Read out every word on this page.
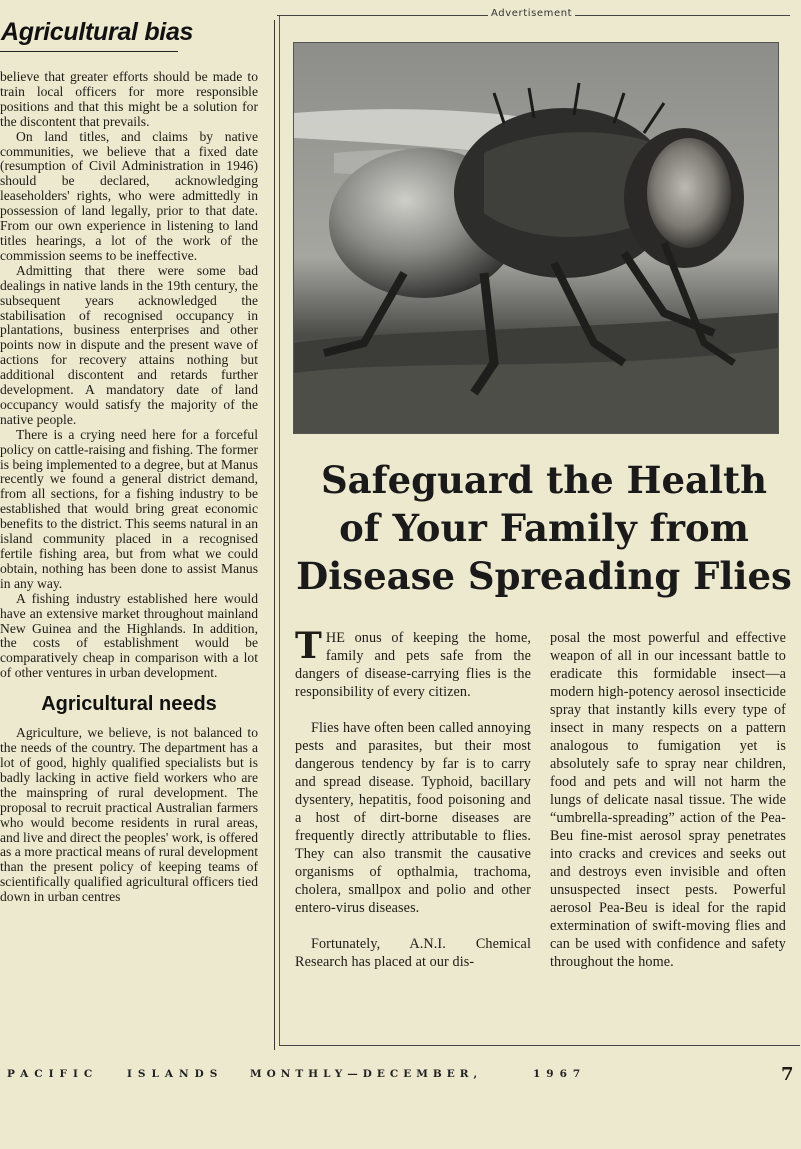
Agricultural bias

believe that greater efforts should be made to train local officers for more responsible positions and that this might be a solution for the discontent that prevails.

On land titles, and claims by native communities, we believe that a fixed date (resumption of Civil Administration in 1946) should be declared, acknowledging leaseholders' rights, who were admittedly in possession of land legally, prior to that date. From our own experience in listening to land titles hearings, a lot of the work of the commission seems to be ineffective.

Admitting that there were some bad dealings in native lands in the 19th century, the subsequent years acknowledged the stabilisation of recognised occupancy in plantations, business enterprises and other points now in dispute and the present wave of actions for recovery attains nothing but additional discontent and retards further development. A mandatory date of land occupancy would satisfy the majority of the native people.

There is a crying need here for a forceful policy on cattle-raising and fishing. The former is being implemented to a degree, but at Manus recently we found a general district demand, from all sections, for a fishing industry to be established that would bring great economic benefits to the district. This seems natural in an island community placed in a recognised fertile fishing area, but from what we could obtain, nothing has been done to assist Manus in any way.

A fishing industry established here would have an extensive market throughout mainland New Guinea and the Highlands. In addition, the costs of establishment would be comparatively cheap in comparison with a lot of other ventures in urban development.

Agricultural needs

Agriculture, we believe, is not balanced to the needs of the country. The department has a lot of good, highly qualified specialists but is badly lacking in active field workers who are the mainspring of rural development. The proposal to recruit practical Australian farmers who would become residents in rural areas, and live and direct the peoples' work, is offered as a more practical means of rural development than the present policy of keeping teams of scientifically qualified agricultural officers tied down in urban centres

Advertisement
Safeguard the Health
of Your Family from
Disease Spreading Flies

THE onus of keeping the home, family and pets safe from the dangers of disease-carrying flies is the responsibility of every citizen.

Flies have often been called annoying pests and parasites, but their most dangerous tendency by far is to carry and spread disease. Typhoid, bacillary dysentery, hepatitis, food poisoning and a host of dirt-borne diseases are frequently directly attributable to flies. They can also transmit the causative organisms of opthalmia, trachoma, cholera, smallpox and polio and other entero-virus diseases.

Fortunately, A.N.I. Chemical Research has placed at our dis-

posal the most powerful and effective weapon of all in our incessant battle to eradicate this formidable insect—a modern high-potency aerosol insecticide spray that instantly kills every type of insect in many respects on a pattern analogous to fumigation yet is absolutely safe to spray near children, food and pets and will not harm the lungs of delicate nasal tissue. The wide “umbrella-spreading” action of the Pea-Beu fine-mist aerosol spray penetrates into cracks and crevices and seeks out and destroys even invisible and often unsuspected insect pests. Powerful aerosol Pea-Beu is ideal for the rapid extermination of swift-moving flies and can be used with confidence and safety throughout the home.

PACIFIC	ISLANDS	MONTHLY—DECEMBER,	1967	7
